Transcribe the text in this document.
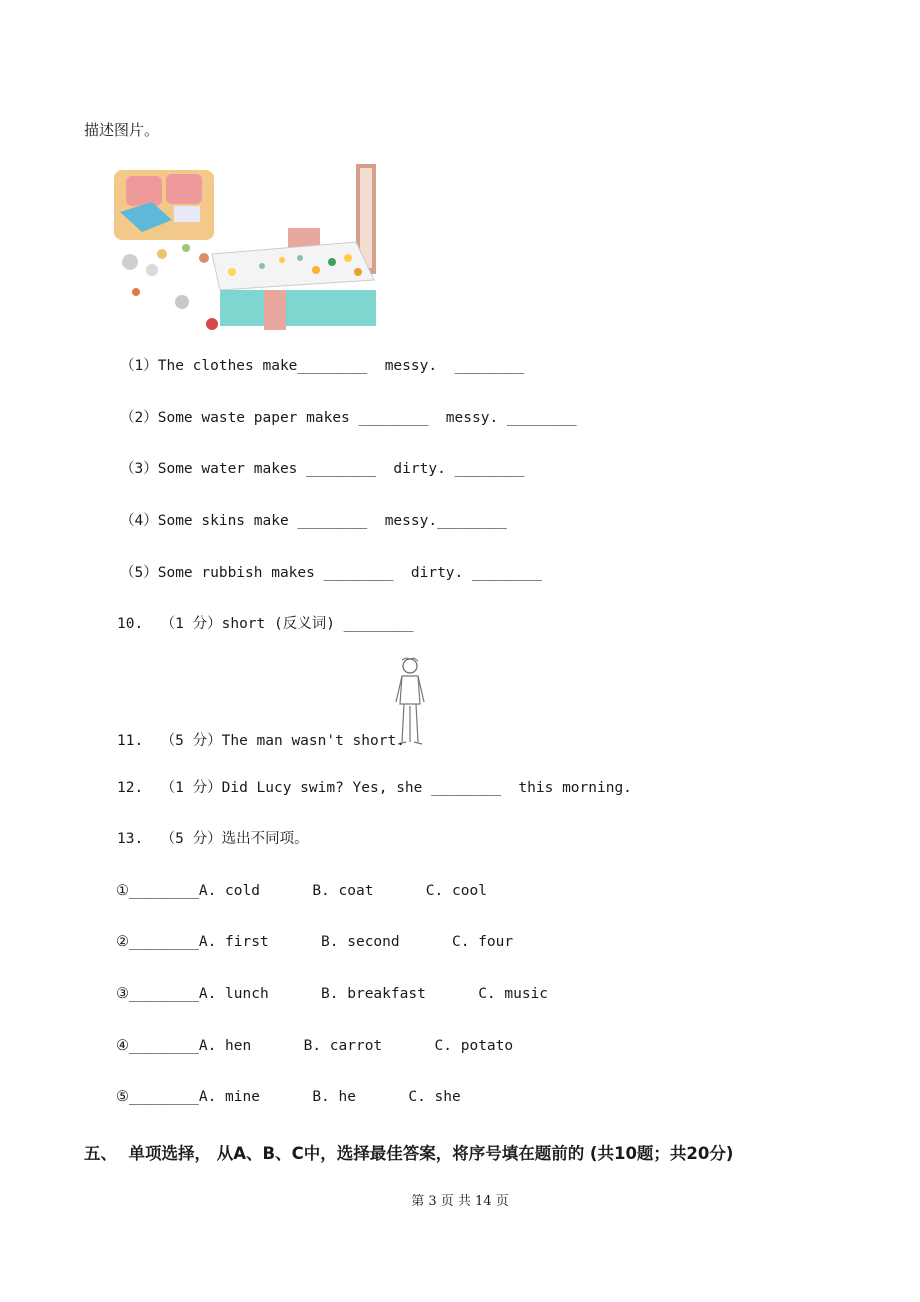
描述图片。
（1）The clothes make________  messy.  ________
（2）Some waste paper makes ________  messy. ________
（3）Some water makes ________  dirty. ________
（4）Some skins make ________  messy.________
（5）Some rubbish makes ________  dirty. ________
10.  （1 分）short (反义词) ________
11.  （5 分）The man wasn't short.
12.  （1 分）Did Lucy swim? Yes, she ________  this morning.
13.  （5 分）选出不同项。
①________A. cold      B. coat      C. cool
②________A. first      B. second      C. four
③________A. lunch      B. breakfast      C. music
④________A. hen      B. carrot      C. potato
⑤________A. mine      B. he      C. she
五、  单项选择， 从A、B、C中，选择最佳答案，将序号填在题前的 (共10题；共20分)
第 3 页 共 14 页
